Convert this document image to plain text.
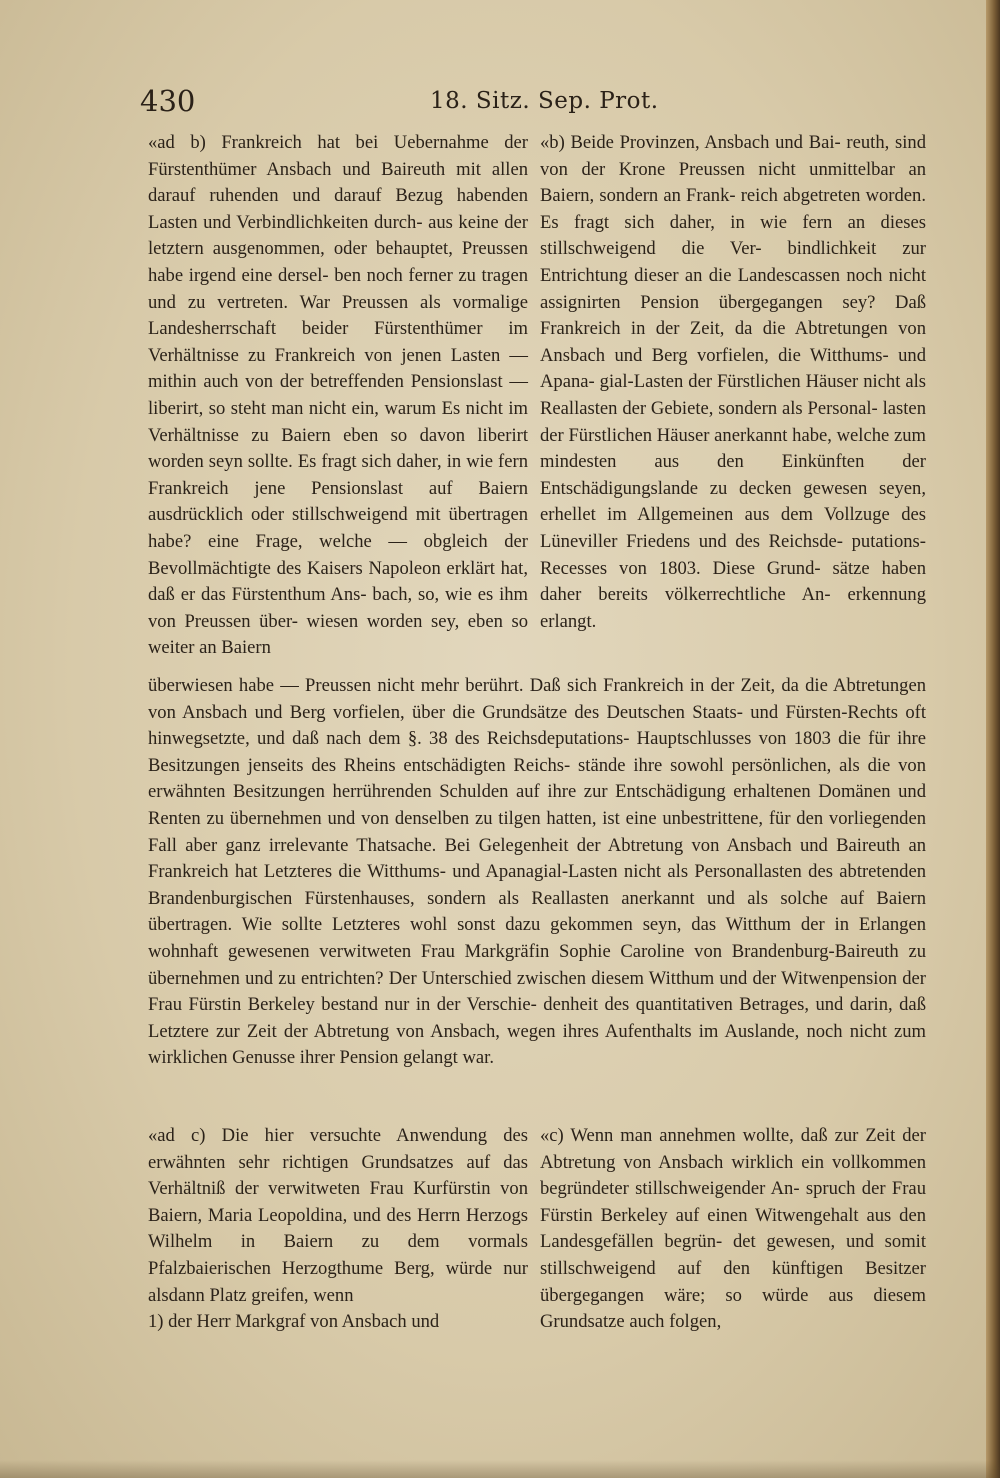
430	18. Sitz. Sep. Prot.

«ad b) Frankreich hat bei Uebernahme der Fürstenthümer Ansbach und Baireuth mit allen darauf ruhenden und darauf Bezug habenden Lasten und Verbindlichkeiten durch- aus keine der letztern ausgenommen, oder behauptet, Preussen habe irgend eine dersel- ben noch ferner zu tragen und zu vertreten. War Preussen als vormalige Landesherrschaft beider Fürstenthümer im Verhältnisse zu Frankreich von jenen Lasten — mithin auch von der betreffenden Pensionslast — liberirt, so steht man nicht ein, warum Es nicht im Verhältnisse zu Baiern eben so davon liberirt worden seyn sollte. Es fragt sich daher, in wie fern Frankreich jene Pensionslast auf Baiern ausdrücklich oder stillschweigend mit übertragen habe? eine Frage, welche — obgleich der Bevollmächtigte des Kaisers Napoleon erklärt hat, daß er das Fürstenthum Ans- bach, so, wie es ihm von Preussen über- wiesen worden sey, eben so weiter an Baiern

«b) Beide Provinzen, Ansbach und Bai- reuth, sind von der Krone Preussen nicht unmittelbar an Baiern, sondern an Frank- reich abgetreten worden. Es fragt sich daher, in wie fern an dieses stillschweigend die Ver- bindlichkeit zur Entrichtung dieser an die Landescassen noch nicht assignirten Pension übergegangen sey? Daß Frankreich in der Zeit, da die Abtretungen von Ansbach und Berg vorfielen, die Witthums- und Apana- gial-Lasten der Fürstlichen Häuser nicht als Reallasten der Gebiete, sondern als Personal- lasten der Fürstlichen Häuser anerkannt habe, welche zum mindesten aus den Einkünften der Entschädigungslande zu decken gewesen seyen, erhellet im Allgemeinen aus dem Vollzuge des Lüneviller Friedens und des Reichsde- putations-Recesses von 1803. Diese Grund- sätze haben daher bereits völkerrechtliche An- erkennung erlangt.

überwiesen habe — Preussen nicht mehr berührt. Daß sich Frankreich in der Zeit, da die Abtretungen von Ansbach und Berg vorfielen, über die Grundsätze des Deutschen Staats- und Fürsten-Rechts oft hinwegsetzte, und daß nach dem §. 38 des Reichsdeputations- Hauptschlusses von 1803 die für ihre Besitzungen jenseits des Rheins entschädigten Reichs- stände ihre sowohl persönlichen, als die von erwähnten Besitzungen herrührenden Schulden auf ihre zur Entschädigung erhaltenen Domänen und Renten zu übernehmen und von denselben zu tilgen hatten, ist eine unbestrittene, für den vorliegenden Fall aber ganz irrelevante Thatsache. Bei Gelegenheit der Abtretung von Ansbach und Baireuth an Frankreich hat Letzteres die Witthums- und Apanagial-Lasten nicht als Personallasten des abtretenden Brandenburgischen Fürstenhauses, sondern als Reallasten anerkannt und als solche auf Baiern übertragen. Wie sollte Letzteres wohl sonst dazu gekommen seyn, das Witthum der in Erlangen wohnhaft gewesenen verwitweten Frau Markgräfin Sophie Caroline von Brandenburg-Baireuth zu übernehmen und zu entrichten? Der Unterschied zwischen diesem Witthum und der Witwenpension der Frau Fürstin Berkeley bestand nur in der Verschie- denheit des quantitativen Betrages, und darin, daß Letztere zur Zeit der Abtretung von Ansbach, wegen ihres Aufenthalts im Auslande, noch nicht zum wirklichen Genusse ihrer Pension gelangt war.

«ad c) Die hier versuchte Anwendung des erwähnten sehr richtigen Grundsatzes auf das Verhältniß der verwitweten Frau Kurfürstin von Baiern, Maria Leopoldina, und des Herrn Herzogs Wilhelm in Baiern zu dem vormals Pfalzbaierischen Herzogthume Berg, würde nur alsdann Platz greifen, wenn

«c) Wenn man annehmen wollte, daß zur Zeit der Abtretung von Ansbach wirklich ein vollkommen begründeter stillschweigender An- spruch der Frau Fürstin Berkeley auf einen Witwengehalt aus den Landesgefällen begrün- det gewesen, und somit stillschweigend auf den künftigen Besitzer übergegangen wäre; so würde aus diesem Grundsatze auch folgen,

1) der Herr Markgraf von Ansbach und
